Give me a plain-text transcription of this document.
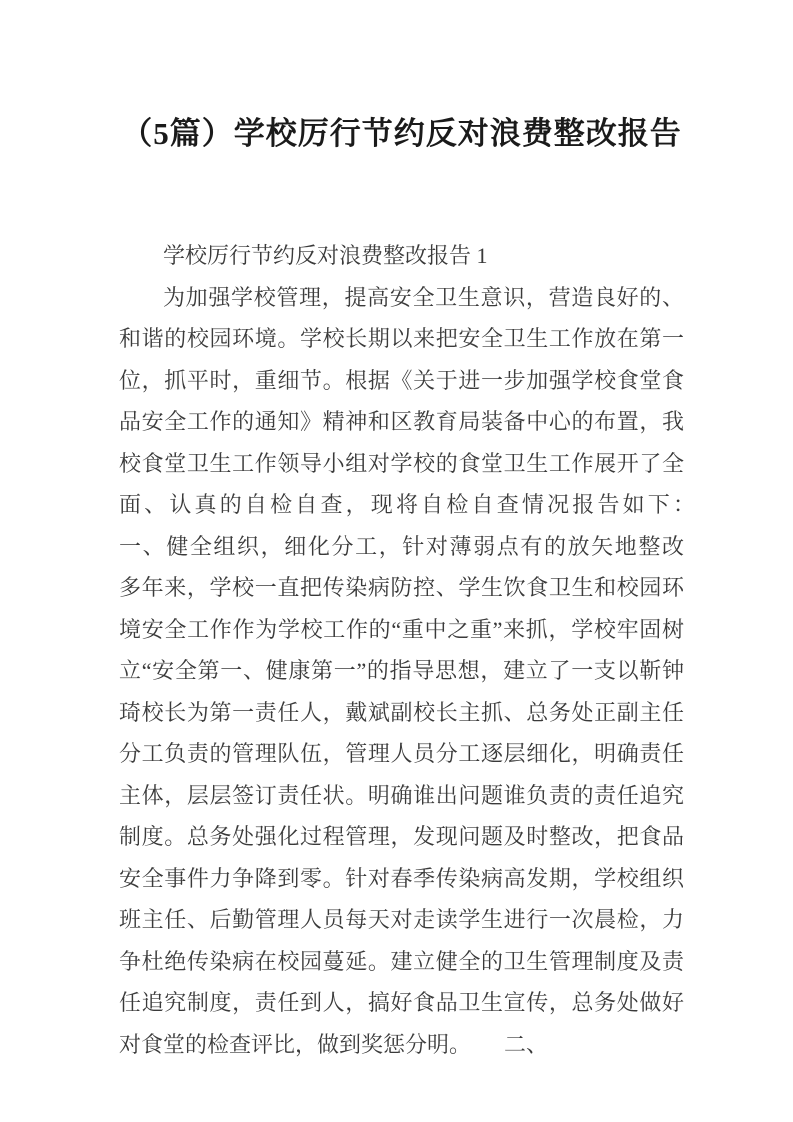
（5篇）学校厉行节约反对浪费整改报告

学校厉行节约反对浪费整改报告 1

为加强学校管理，提高安全卫生意识，营造良好的、和谐的校园环境。学校长期以来把安全卫生工作放在第一位，抓平时，重细节。根据《关于进一步加强学校食堂食品安全工作的通知》精神和区教育局装备中心的布置，我校食堂卫生工作领导小组对学校的食堂卫生工作展开了全面、认真的自检自查，现将自检自查情况报告如下：　　一、健全组织，细化分工，针对薄弱点有的放矢地整改　　多年来，学校一直把传染病防控、学生饮食卫生和校园环境安全工作作为学校工作的“重中之重”来抓，学校牢固树立“安全第一、健康第一”的指导思想，建立了一支以靳钟琦校长为第一责任人，戴斌副校长主抓、总务处正副主任分工负责的管理队伍，管理人员分工逐层细化，明确责任主体，层层签订责任状。明确谁出问题谁负责的责任追究制度。总务处强化过程管理，发现问题及时整改，把食品安全事件力争降到零。针对春季传染病高发期，学校组织班主任、后勤管理人员每天对走读学生进行一次晨检，力争杜绝传染病在校园蔓延。建立健全的卫生管理制度及责任追究制度，责任到人，搞好食品卫生宣传，总务处做好对食堂的检查评比，做到奖惩分明。　　二、
